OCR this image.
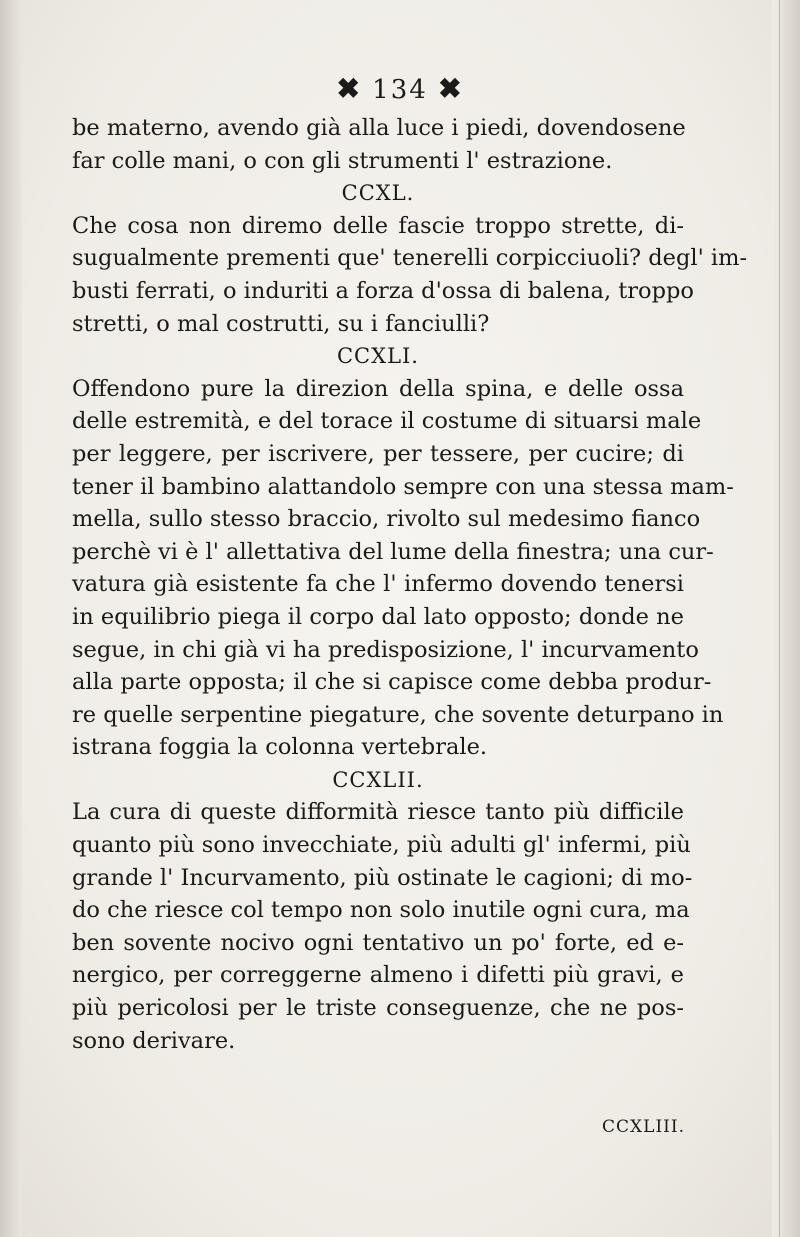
✖ 134 ✖
be materno, avendo già alla luce i piedi, dovendosene
far colle mani, o con gli strumenti l' estrazione.
CCXL.
Che cosa non diremo delle fascie troppo strette, di-
sugualmente prementi que' tenerelli corpicciuoli? degl' im-
busti ferrati, o induriti a forza d'ossa di balena, troppo
stretti, o mal costrutti, su i fanciulli?
CCXLI.
Offendono pure la direzion della spina, e delle ossa
delle estremità, e del torace il costume di situarsi male
per leggere, per iscrivere, per tessere, per cucire; di
tener il bambino alattandolo sempre con una stessa mam-
mella, sullo stesso braccio, rivolto sul medesimo fianco
perchè vi è l' allettativa del lume della finestra; una cur-
vatura già esistente fa che l' infermo dovendo tenersi
in equilibrio piega il corpo dal lato opposto; donde ne
segue, in chi già vi ha predisposizione, l' incurvamento
alla parte opposta; il che si capisce come debba produr-
re quelle serpentine piegature, che sovente deturpano in
istrana foggia la colonna vertebrale.
CCXLII.
La cura di queste difformità riesce tanto più difficile
quanto più sono invecchiate, più adulti gl' infermi, più
grande l' Incurvamento, più ostinate le cagioni; di mo-
do che riesce col tempo non solo inutile ogni cura, ma
ben sovente nocivo ogni tentativo un po' forte, ed e-
nergico, per correggerne almeno i difetti più gravi, e
più pericolosi per le triste conseguenze, che ne pos-
sono derivare.
CCXLIII.
